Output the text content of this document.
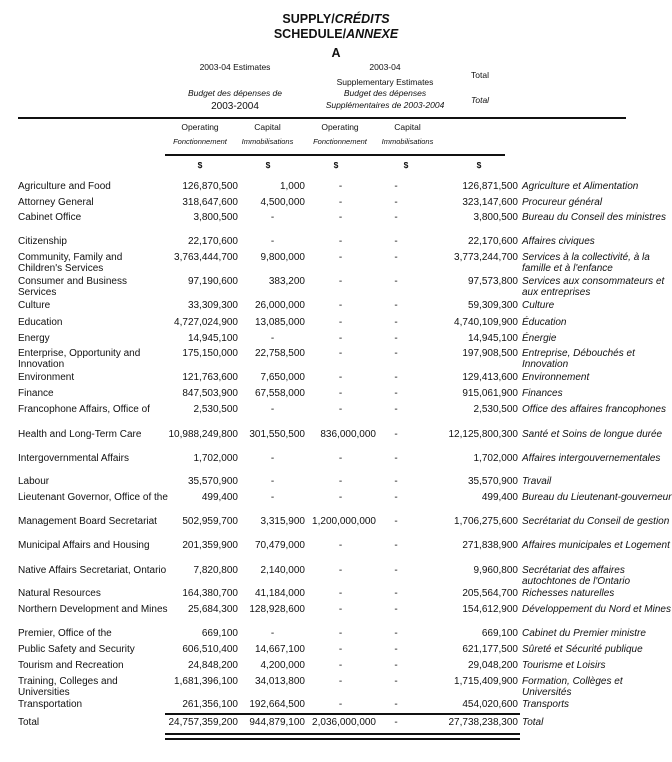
SUPPLY/CRÉDITS
SCHEDULE/ANNEXE
A
2003-04 Estimates
Budget des dépenses de
2003-2004
2003-04
Supplementary Estimates
Budget des dépenses
Supplémentaires de 2003-2004
Total
Total
Operating
Fonctionnement
Capital
Immobilisations
Operating
Fonctionnement
Capital
Immobilisations
$	$	$	$	$
Agriculture and Food	126,870,500	1,000	-	-	126,871,500 Agriculture et Alimentation
Attorney General	318,647,600	4,500,000	-	-	323,147,600 Procureur général
Cabinet Office	3,800,500	-	-	-	3,800,500 Bureau du Conseil des ministres
Citizenship	22,170,600	-	-	-	22,170,600 Affaires civiques
Community, Family and Children's Services
3,763,444,700	9,800,000	-	-	3,773,244,700 Services à la collectivité, à la famille et à l'enfance
Consumer and Business Services
97,190,600	383,200	-	-	97,573,800 Services aux consommateurs et aux entreprises
Culture	33,309,300	26,000,000	-	-	59,309,300 Culture
Education	4,727,024,900	13,085,000	-	-	4,740,109,900 Éducation
Energy	14,945,100	-	-	-	14,945,100 Énergie
Enterprise, Opportunity and Innovation
175,150,000	22,758,500	-	-	197,908,500 Entreprise, Débouchés et Innovation
Environment	121,763,600	7,650,000	-	-	129,413,600 Environnement
Finance	847,503,900	67,558,000	-	-	915,061,900 Finances
Francophone Affairs, Office of	2,530,500	-	-	-	2,530,500 Office des affaires francophones
Health and Long-Term Care	10,988,249,800	301,550,500	836,000,000	-	12,125,800,300 Santé et Soins de longue durée
Intergovernmental Affairs	1,702,000	-	-	-	1,702,000 Affaires intergouvernementales
Labour	35,570,900	-	-	-	35,570,900 Travail
Lieutenant Governor, Office of the	499,400	-	-	-	499,400 Bureau du Lieutenant-gouverneur
Management Board Secretariat	502,959,700	3,315,900 1,200,000,000	-	1,706,275,600 Secrétariat du Conseil de gestion
Municipal Affairs and Housing	201,359,900	70,479,000	-	-	271,838,900 Affaires municipales et Logement
Native Affairs Secretariat, Ontario	7,820,800	2,140,000	-	-	9,960,800 Secrétariat des affaires autochtones de l'Ontario
Natural Resources	164,380,700	41,184,000	-	-	205,564,700 Richesses naturelles
Northern Development and Mines	25,684,300	128,928,600	-	-	154,612,900 Développement du Nord et Mines
Premier, Office of the	669,100	-	-	-	669,100 Cabinet du Premier ministre
Public Safety and Security	606,510,400	14,667,100	-	-	621,177,500 Sûreté et Sécurité publique
Tourism and Recreation	24,848,200	4,200,000	-	-	29,048,200 Tourisme et Loisirs
Training, Colleges and Universities
1,681,396,100	34,013,800	-	-	1,715,409,900 Formation, Collèges et Universités
Transportation	261,356,100	192,664,500	-	-	454,020,600 Transports
Total	24,757,359,200	944,879,100 2,036,000,000	-	27,738,238,300 Total
